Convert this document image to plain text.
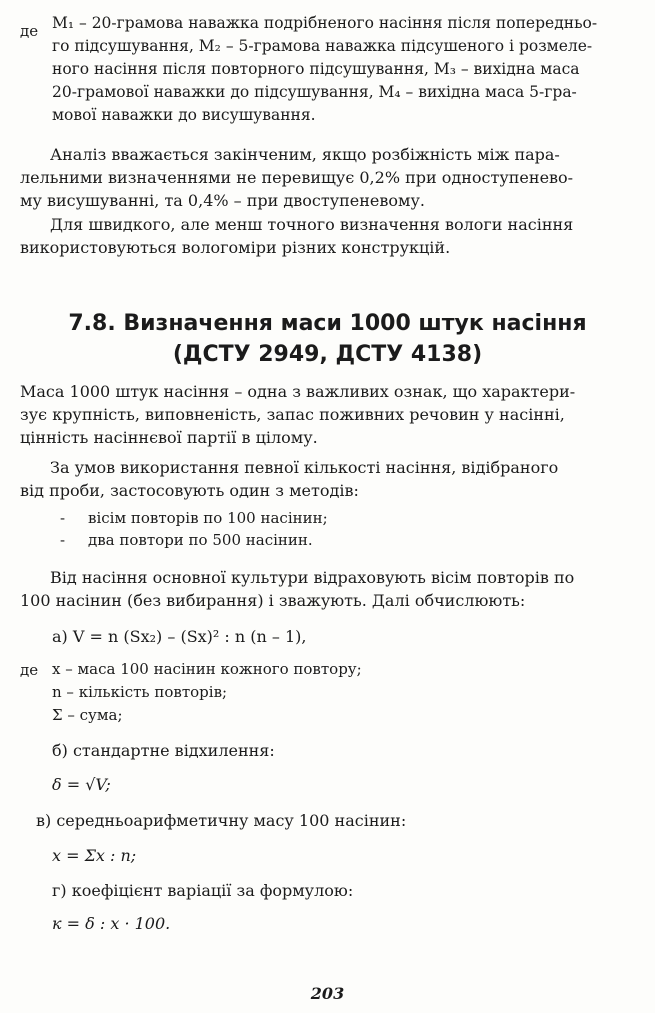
де M₁ – 20-грамова наважка подрібненого насіння після попередньо-
го підсушування, M₂ – 5-грамова наважка підсушеного і розмеле-
ного насіння після повторного підсушування, M₃ – вихідна маса
20-грамової наважки до підсушування, M₄ – вихідна маса 5-гра-
мової наважки до висушування.
Аналіз вважається закінченим, якщо розбіжність між пара-
лельними визначеннями не перевищує 0,2% при одноступенево-
му висушуванні, та 0,4% – при двоступеневому.
Для швидкого, але менш точного визначення вологи насіння
використовуються вологоміри різних конструкцій.
7.8. Визначення маси 1000 штук насіння
(ДСТУ 2949, ДСТУ 4138)
Маса 1000 штук насіння – одна з важливих ознак, що характери-
зує крупність, виповненість, запас поживних речовин у насінні,
цінність насіннєвої партії в цілому.
За умов використання певної кількості насіння, відібраного
від проби, застосовують один з методів:
- вісім повторів по 100 насінин;
- два повтори по 500 насінин.
Від насіння основної культури відраховують вісім повторів по
100 насінин (без вибирання) і зважують. Далі обчислюють:
а) V = n (Sx₂) – (Sx)² : n (n – 1),
де x – маса 100 насінин кожного повтору;
n – кількість повторів;
Σ – сума;
б) стандартне відхилення:
δ = √V;
в) середньоарифметичну масу 100 насінин:
x = Σx : n;
г) коефіцієнт варіації за формулою:
к = δ : x · 100.
203
